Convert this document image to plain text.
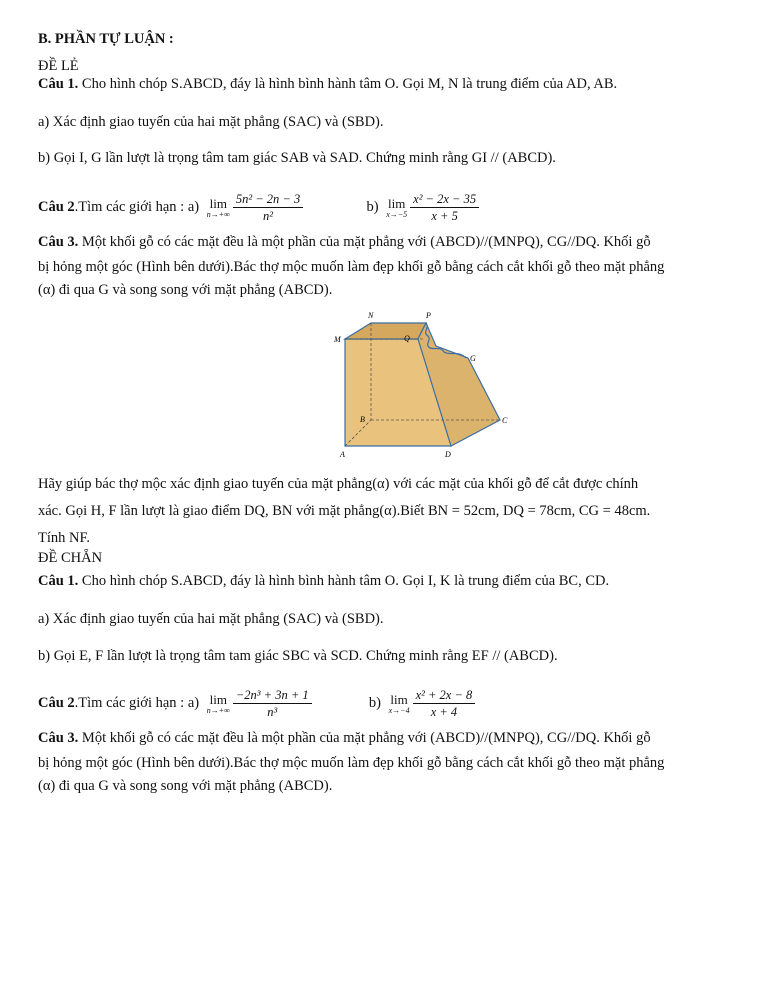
B. PHẦN TỰ LUẬN :
ĐỀ LẺ
Câu 1. Cho hình chóp S.ABCD, đáy là hình bình hành tâm O. Gọi M, N là trung điểm của AD, AB.
a) Xác định giao tuyến của hai mặt phẳng (SAC) và (SBD).
b) Gọi I, G lần lượt là trọng tâm tam giác SAB và SAD. Chứng minh rằng GI // (ABCD).
Câu 2.Tìm các giới hạn : a) lim
$n\to+\infty \frac{\text{5n² − 2n − 3}}{\text{n²}}$	b) lim
$x\to-5 \frac{\text{x² − 2x − 35}}{x + 5}$
Câu 3. Một khối gỗ có các mặt đều là một phần của mặt phẳng với (ABCD)//(MNPQ), CG//DQ. Khối gỗ
bị hỏng một góc (Hình bên dưới).Bác thợ mộc muốn làm đẹp khối gỗ bằng cách cắt khối gỗ theo mặt phẳng
(α) đi qua G và song song với mặt phẳng (ABCD).
N	P
M	Q
G
B	C
A	D
Hãy giúp bác thợ mộc xác định giao tuyến của mặt phẳng(α) với các mặt của khối gỗ để cắt được chính
xác. Gọi H, F lần lượt là giao điểm DQ, BN với mặt phẳng(α).Biết BN = 52cm, DQ = 78cm, CG = 48cm.
Tính NF.
ĐỀ CHẴN
Câu 1. Cho hình chóp S.ABCD, đáy là hình bình hành tâm O. Gọi I, K là trung điểm của BC, CD.
a) Xác định giao tuyến của hai mặt phẳng (SAC) và (SBD).
b) Gọi E, F lần lượt là trọng tâm tam giác SBC và SCD. Chứng minh rằng EF // (ABCD).
Câu 2.Tìm các giới hạn : a) lim
$n\to+\infty \frac{\text{−2n³ + 3n + 1}}{\text{n³}}$	b) lim
$x\to-4 \frac{\text{x² + 2x − 8}}{x + 4}$
Câu 3. Một khối gỗ có các mặt đều là một phần của mặt phẳng với (ABCD)//(MNPQ), CG//DQ. Khối gỗ
bị hỏng một góc (Hình bên dưới).Bác thợ mộc muốn làm đẹp khối gỗ bằng cách cắt khối gỗ theo mặt phẳng
(α) đi qua G và song song với mặt phẳng (ABCD).
